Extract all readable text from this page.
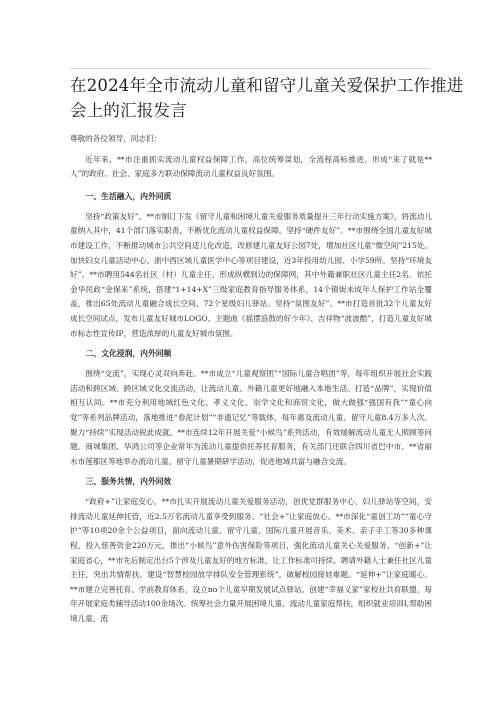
在2024年全市流动儿童和留守儿童关爱保护工作推进
会上的汇报发言

尊敬的各位领导，同志们：

近年来，**市注重抓实流动儿童权益保障工作，高位统筹谋划，全流程高标推进，形成“来了就是**人”的政府、社会、家庭多方联动保障流动儿童权益良好氛围。

一、生活融入，内外同质

坚持“政策友好”。**市制订下发《留守儿童和困境儿童关爱服务质量提升三年行动实施方案》，将流动儿童纳入其中，41个部门落实职责，不断优化流动儿童权益保障。坚持“硬件友好”。**市围绕全国儿童友好城市建设工作，不断推动城市公共空间适儿化改造，改修建儿童友好公园7处，增加社区儿童“微空间”215处。加快妇女儿童活动中心、浙中西区域儿童医学中心等项目建设，近3年投用幼儿园、小学59所。坚持“环境友好”。**市聘用544名社区（村）儿童主任，形成纵横到边的保障网，其中外籍兼职社区儿童主任2名。依托金华民政“金保来”系统，搭建“1+14+X”三级家庭教育指导服务体系，14个镇街未成年人保护工作站全覆盖，推出65处流动儿童融合成长空间、72个星级妇儿驿站。坚持“氛围友好”。**市打造首批32个儿童友好成长空间试点，发布儿童友好城市LOGO、主题曲《摇摆浪鼓的好少年》、吉祥物“波波酷”，打造儿童友好城市标志性宣传IP，营造浓厚的儿童友好城市氛围。

二、文化浸润，内外同频

围绕“交流”，实现心灵双向奔赴。**市成立“儿童观察团”“国际儿童合唱团”等，每年组织开展社会实践活动和跨区域、跨区域文化交流活动，让流动儿童、外籍儿童更好地融入本地生活。打造“品牌”，实现价值相互认同。**市充分利用地域红色文化、孝义文化、崇学文化和商贸文化，做大做强“强国有我”“童心向党”等系列品牌活动，落地推进“春泥计划”“非遗记忆”等载体，每年惠及流动儿童、留守儿童8.4万多人次。聚力“持续”实现活动锐此成就。**市连续12年开展关爱“小候鸟”系列活动，有效缓解流动儿童无人照顾等问题。商城集团、华鸿公司等企业常年为流动儿童提供托养托育服务，有关部门还联合四川省巴中市、**省丽水市莲都区等地举办流动儿童、留守儿童暑期研学活动，促进地域共富与融合交流。

三、服务共情，内外同效

“政府+”让家庭安心。**市扎实开展流动儿童关爱服务活动，创优党群服务中心、妇儿驿站等空间，安排流动儿童延伸托管，近2.5万名流动儿童享受到服务。“社会+”让家庭放心。**市深化“童创工坊”“童心守护”等10项20余个公益项目，面向流动儿童、留守儿童、国际儿童开展音乐、美术、亲子手工等30多种课程，投入慈善资金220万元，推出“小候鸟”意外伤害保险等项目，强化流动儿童关心关爱服务。“创新+”让家庭省心，**市先后制定出台5个涉及儿童友好的地方标准，让工作标准可持续。聘请外籍人士兼任社区儿童主任，突出共情帮扶。建设“智慧校园放学排队安全管理系统”，破解校园接娃难题。“延伸+”让家庭暖心。**市建立完善托育、学前教育体系，设立no个儿童早期发展试点驿站。创建“幸福义家”家校社共育联盟，每年开展家庭类辅导活动100余场次。统筹社会力量开展困境儿童、流动儿童家庭帮扶，组织就业培训I,帮助困境儿童、流
